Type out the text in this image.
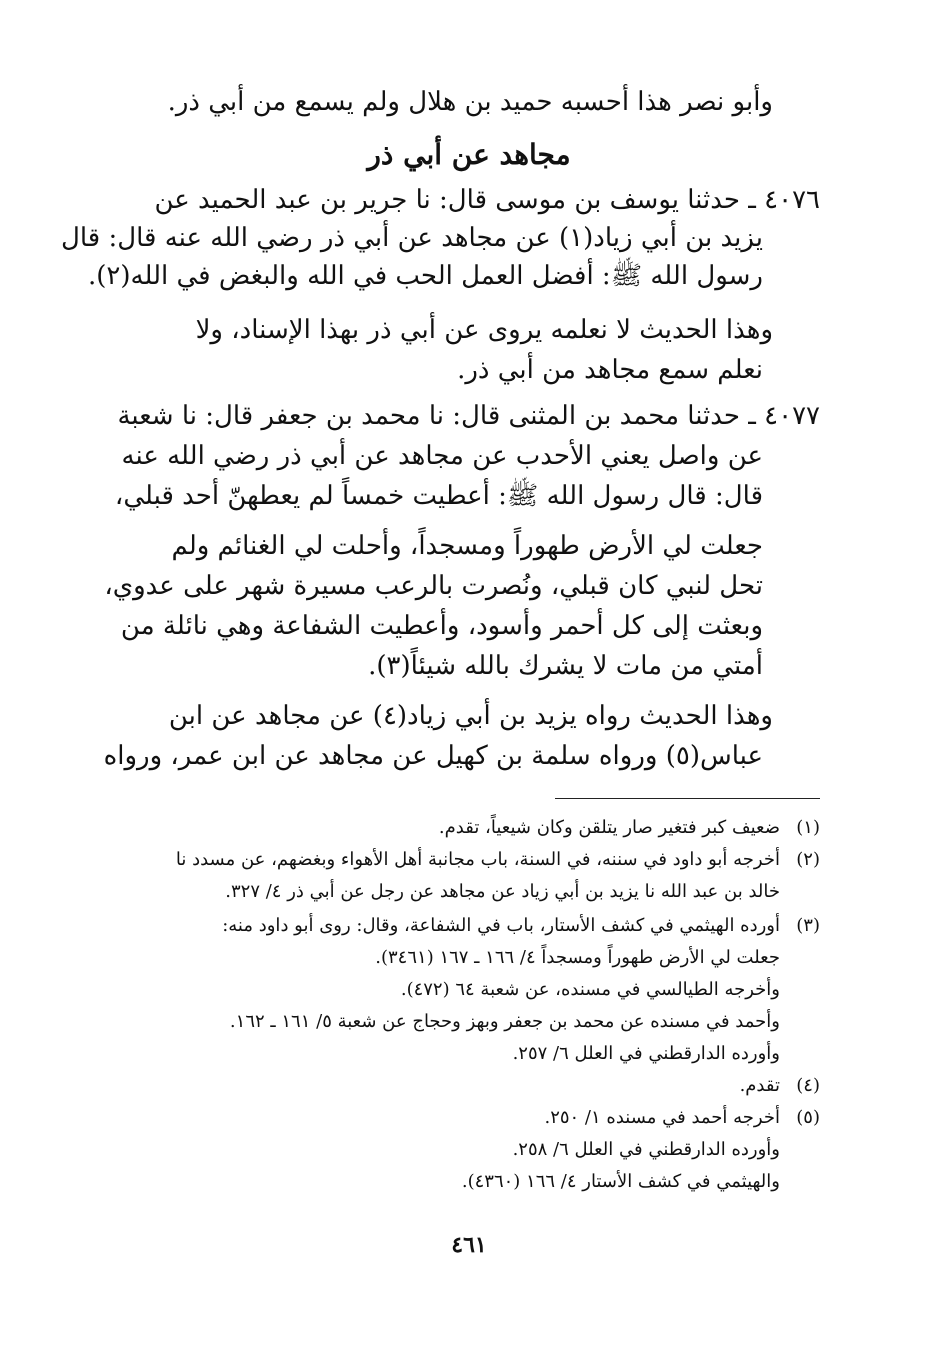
وأبو نصر هذا أحسبه حميد بن هلال ولم يسمع من أبي ذر.
مجاهد عن أبي ذر
٤٠٧٦ ـ حدثنا يوسف بن موسى قال: نا جرير بن عبد الحميد عن
يزيد بن أبي زياد(١) عن مجاهد عن أبي ذر رضي الله عنه قال: قال
رسول الله ﷺ: أفضل العمل الحب في الله والبغض في الله(٢).
وهذا الحديث لا نعلمه يروى عن أبي ذر بهذا الإسناد، ولا
نعلم سمع مجاهد من أبي ذر.
٤٠٧٧ ـ حدثنا محمد بن المثنى قال: نا محمد بن جعفر قال: نا شعبة
عن واصل يعني الأحدب عن مجاهد عن أبي ذر رضي الله عنه
قال: قال رسول الله ﷺ: أعطيت خمساً لم يعطهنّ أحد قبلي،
جعلت لي الأرض طهوراً ومسجداً، وأحلت لي الغنائم ولم
تحل لنبي كان قبلي، ونُصرت بالرعب مسيرة شهر على عدوي،
وبعثت إلى كل أحمر وأسود، وأعطيت الشفاعة وهي نائلة من
أمتي من مات لا يشرك بالله شيئاً(٣).
وهذا الحديث رواه يزيد بن أبي زياد(٤) عن مجاهد عن ابن
عباس(٥) ورواه سلمة بن كهيل عن مجاهد عن ابن عمر، ورواه
(١)ضعيف كبر فتغير صار يتلقن وكان شيعياً، تقدم.
(٢)أخرجه أبو داود في سننه، في السنة، باب مجانبة أهل الأهواء وبغضهم، عن مسدد نا
خالد بن عبد الله نا يزيد بن أبي زياد عن مجاهد عن رجل عن أبي ذر ٤/ ٣٢٧.
(٣)أورده الهيثمي في كشف الأستار، باب في الشفاعة، وقال: روى أبو داود منه:
جعلت لي الأرض طهوراً ومسجداً ٤/ ١٦٦ ـ ١٦٧ (٣٤٦١).
وأخرجه الطيالسي في مسنده، عن شعبة ٦٤ (٤٧٢).
وأحمد في مسنده عن محمد بن جعفر وبهز وحجاج عن شعبة ٥/ ١٦١ ـ ١٦٢.
وأورده الدارقطني في العلل ٦/ ٢٥٧.
(٤)تقدم.
(٥)أخرجه أحمد في مسنده ١/ ٢٥٠.
وأورده الدارقطني في العلل ٦/ ٢٥٨.
والهيثمي في كشف الأستار ٤/ ١٦٦ (٤٣٦٠).
٤٦١
